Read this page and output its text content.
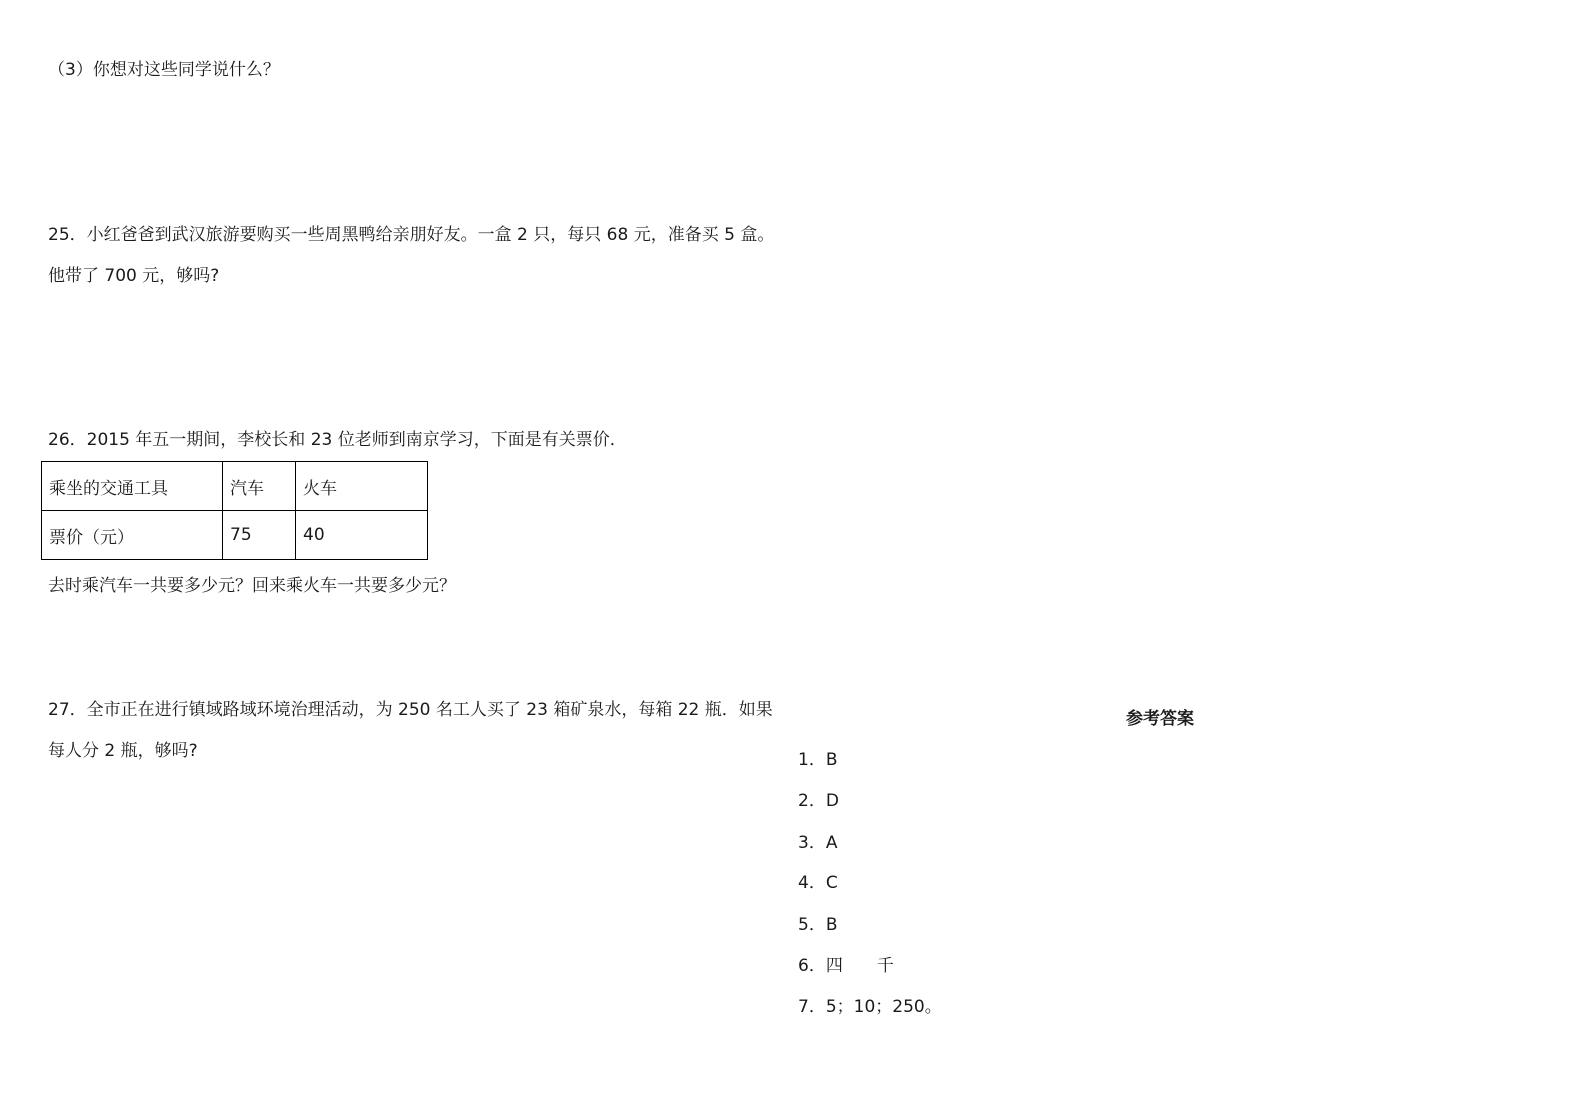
（3）你想对这些同学说什么？
25．小红爸爸到武汉旅游要购买一些周黑鸭给亲朋好友。一盒 2 只，每只 68 元，准备买 5 盒。
他带了 700 元，够吗?
26．2015 年五一期间，李校长和 23 位老师到南京学习，下面是有关票价．
乘坐的交通工具	汽车	火车
票价（元）	75	40
去时乘汽车一共要多少元？回来乘火车一共要多少元？
27．全市正在进行镇域路域环境治理活动，为 250 名工人买了 23 箱矿泉水，每箱 22 瓶．如果
每人分 2 瓶，够吗?
参考答案
1．B
2．D
3．A
4．C
5．B
6．四 千
7．5；10；250。
